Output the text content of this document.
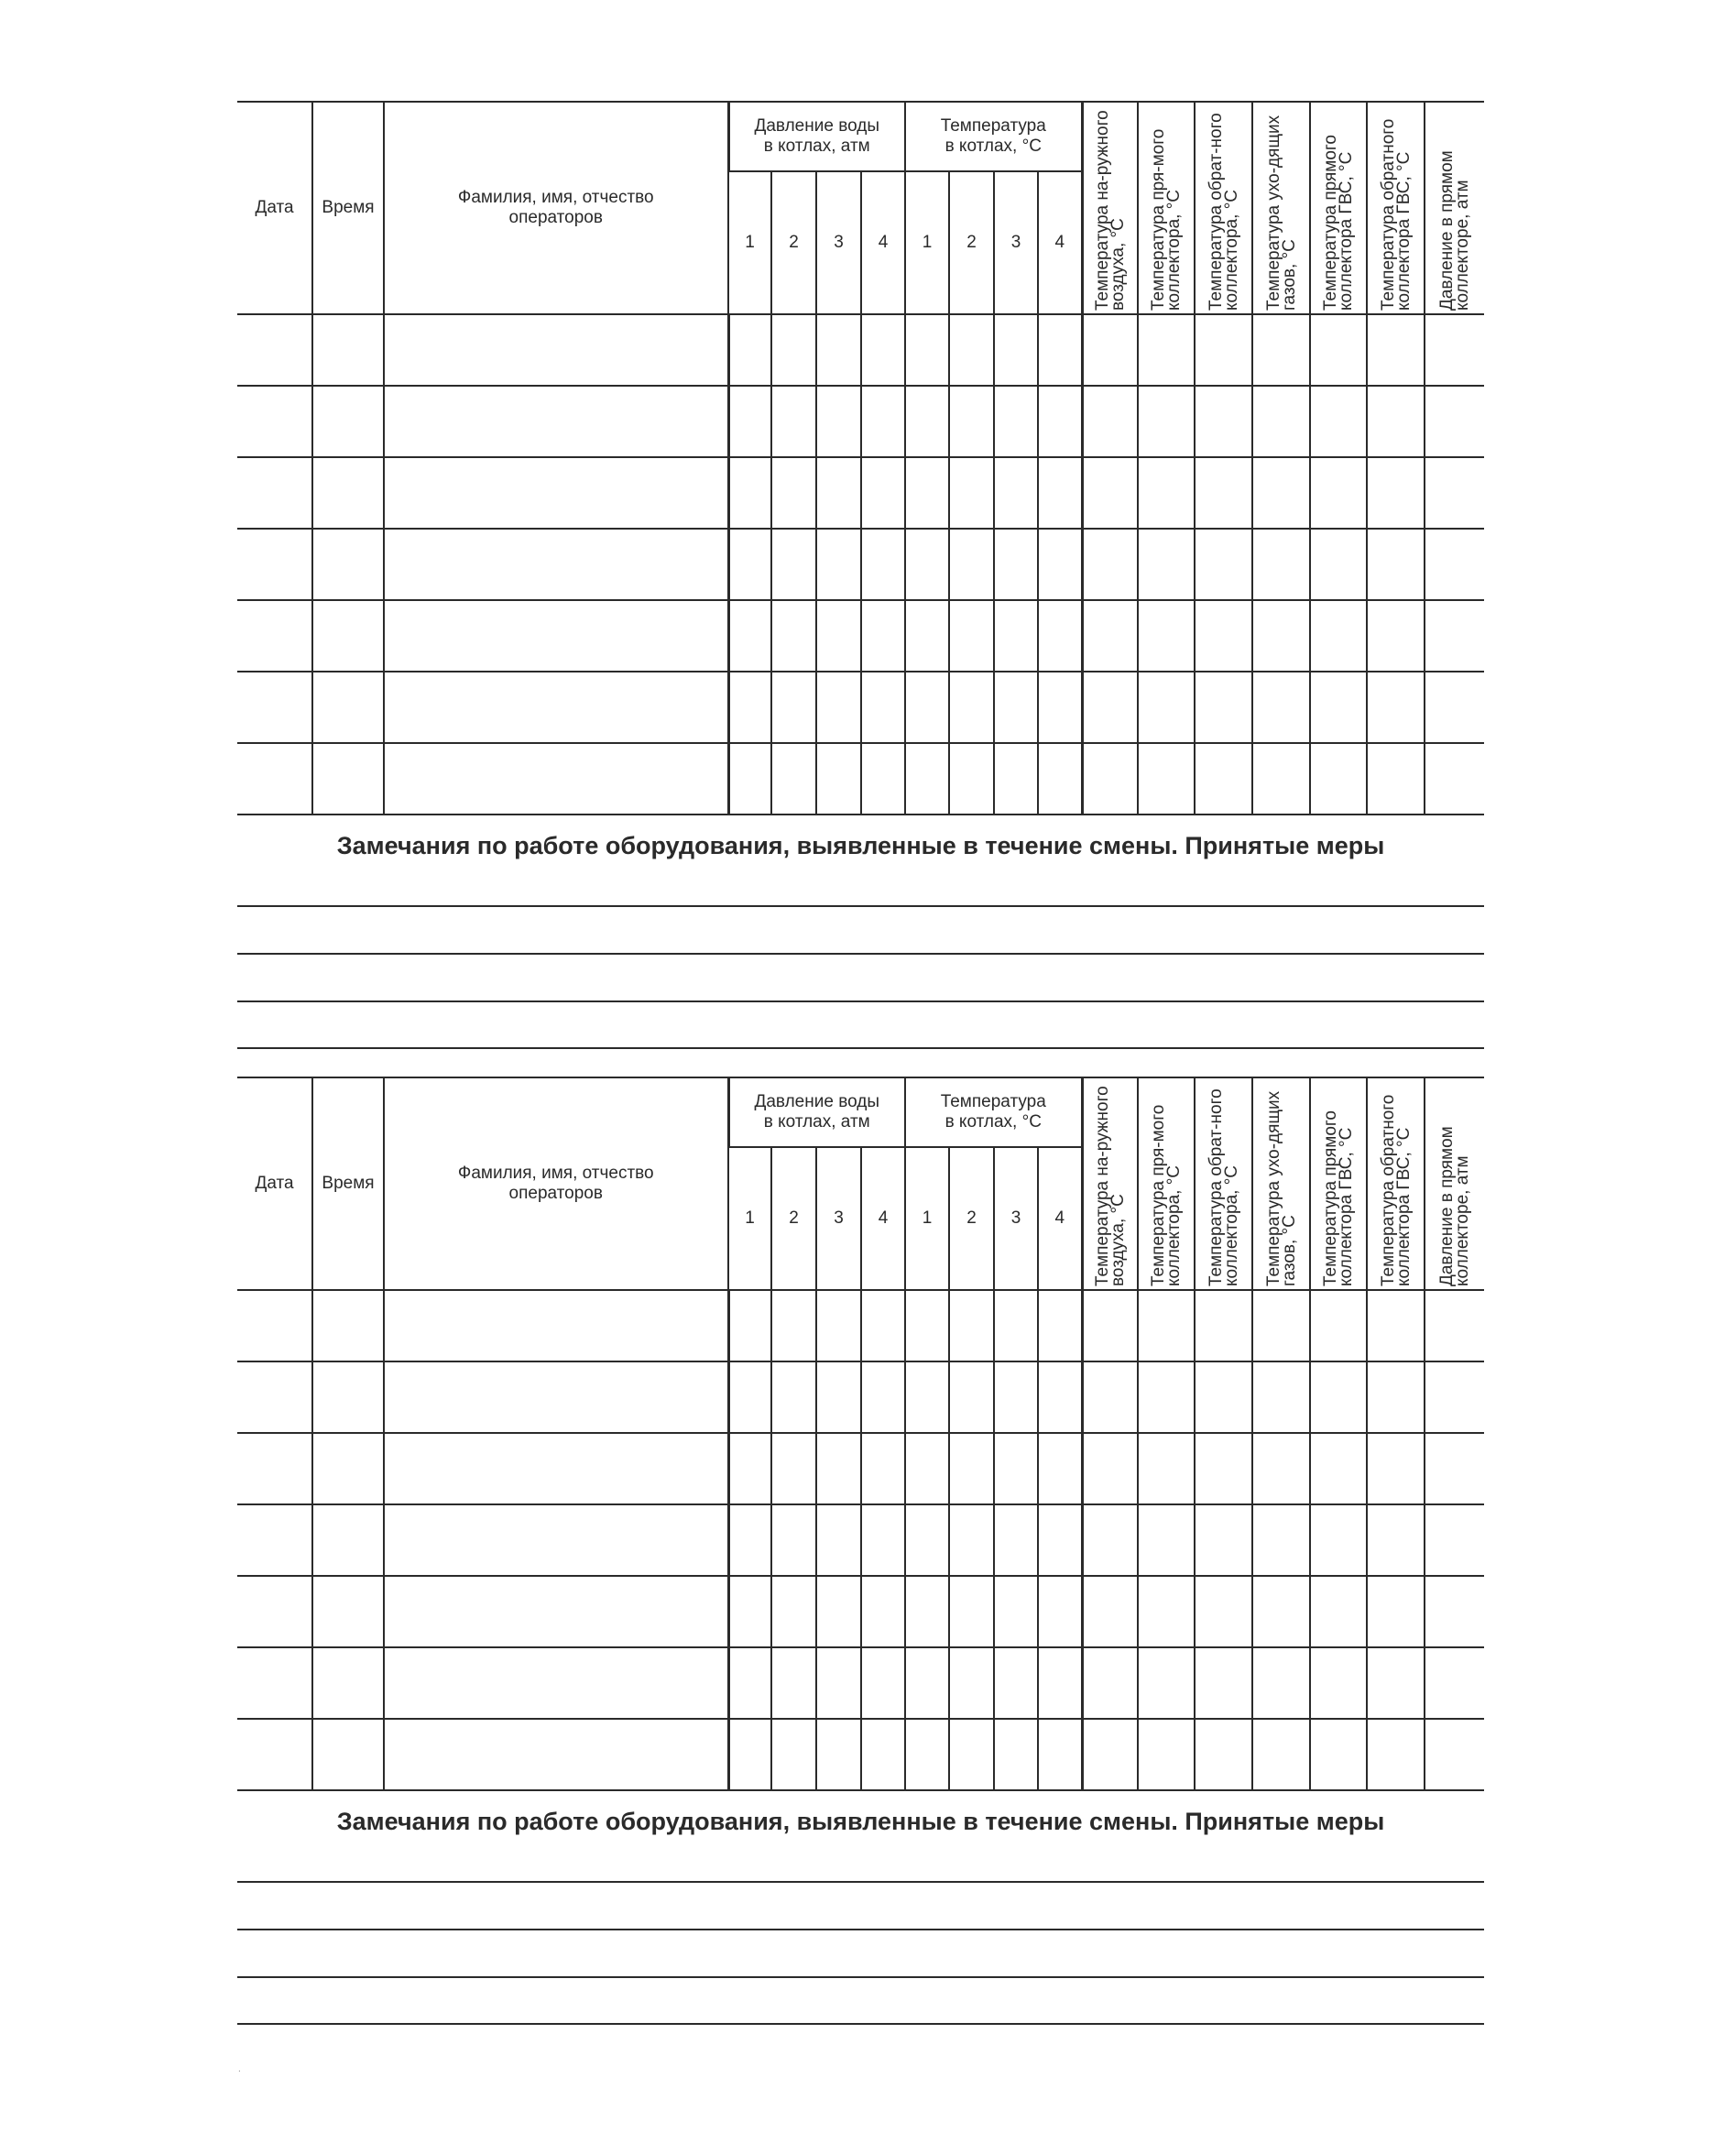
Дата	Время	Фамилия, имя, отчество операторов	Давление воды в котлах, атм				Температура в котлах, °С				Температура на-ружного воздуха, °С	Температура пря-мого коллектора, °С	Температура обрат-ного коллектора, °С	Температура ухо-дящих газов, °С	Температура прямого коллектора ГВС, °С	Температура обратного коллектора ГВС, °С	Давление в прямом коллекторе, атм

			1	2	3	4	1	2	3	4							

Замечания по работе оборудования, выявленные в течение смены. Принятые меры
Дата	Время	Фамилия, имя, отчество операторов	Давление воды в котлах, атм				Температура в котлах, °С				Температура на-ружного воздуха, °С	Температура пря-мого коллектора, °С	Температура обрат-ного коллектора, °С	Температура ухо-дящих газов, °С	Температура прямого коллектора ГВС, °С	Температура обратного коллектора ГВС, °С	Давление в прямом коллекторе, атм

			1	2	3	4	1	2	3	4							

Замечания по работе оборудования, выявленные в течение смены. Принятые меры
.
